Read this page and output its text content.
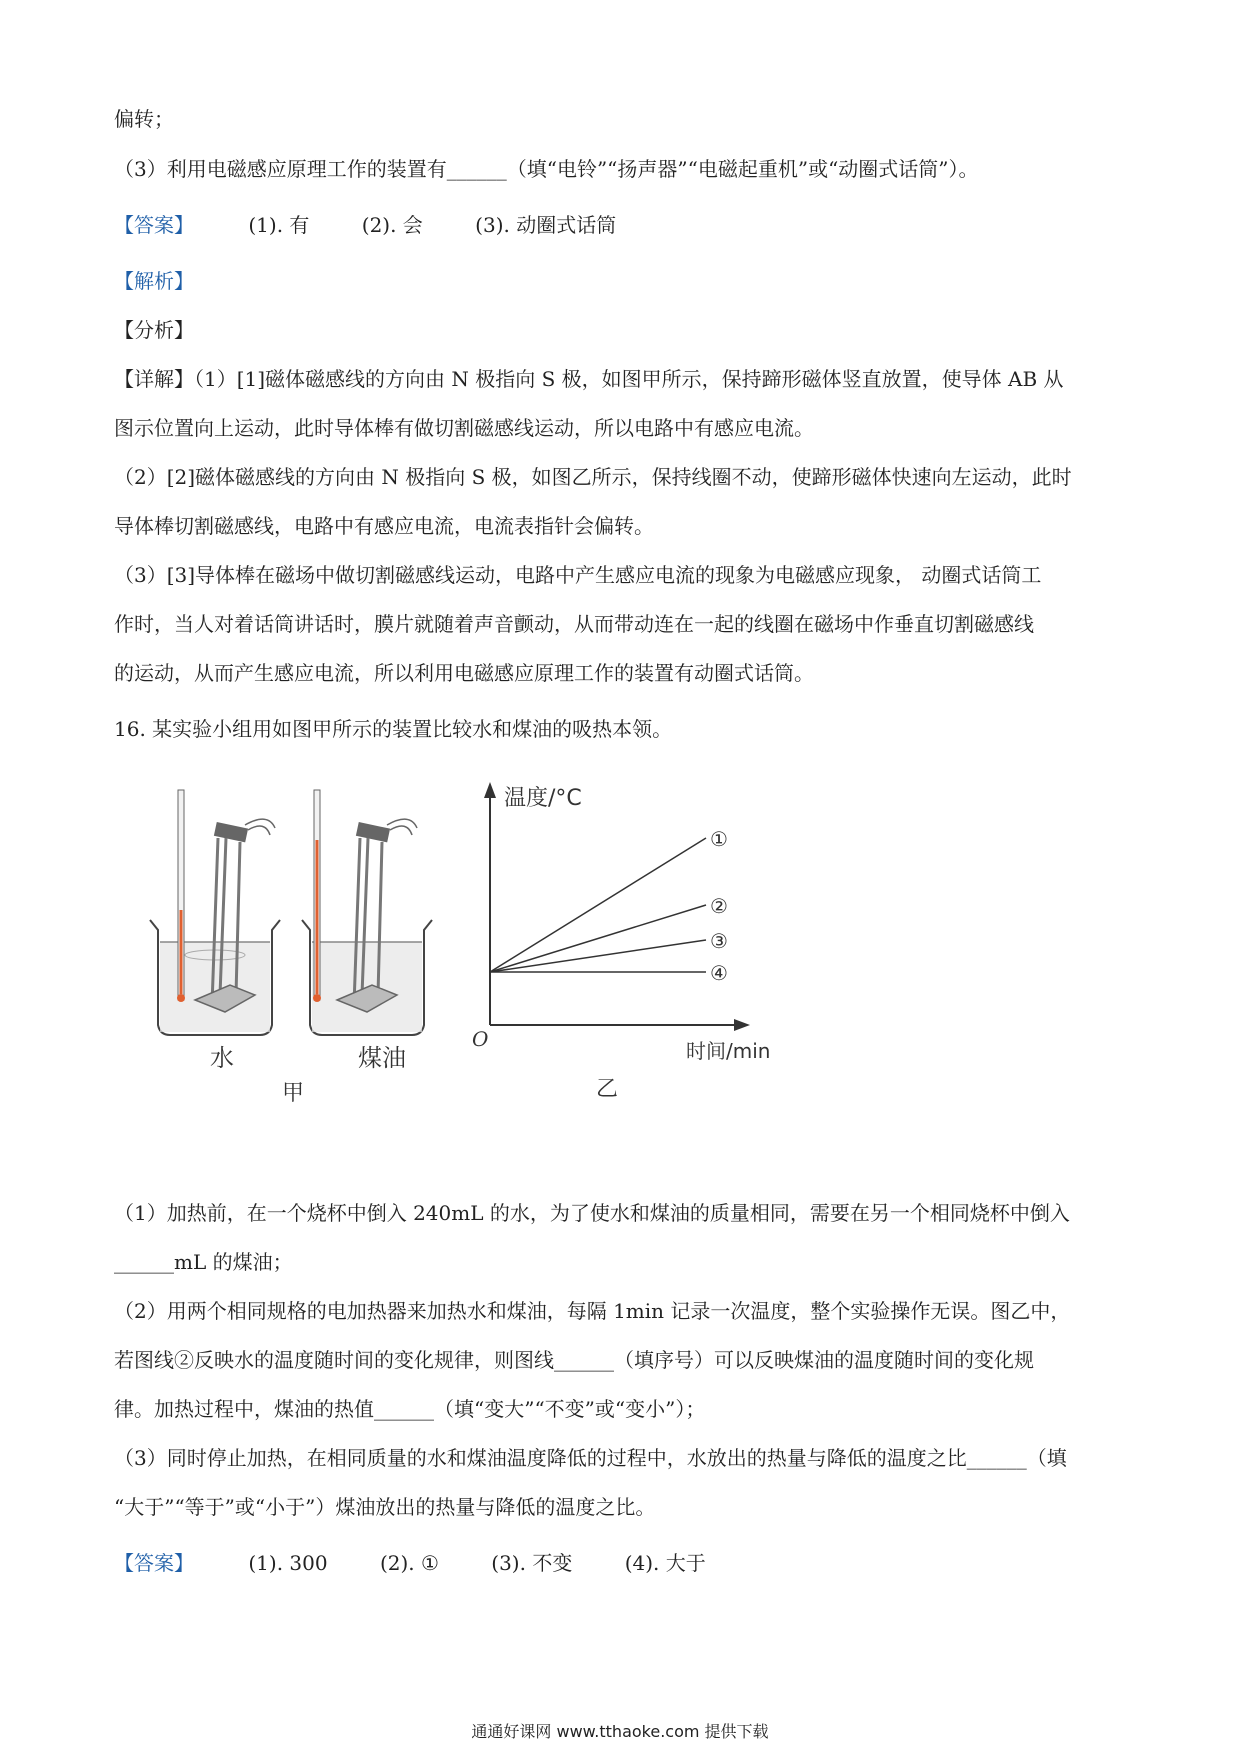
偏转；
（3）利用电磁感应原理工作的装置有______（填“电铃”“扬声器”“电磁起重机”或“动圈式话筒”）。
【答案】	(1). 有	(2). 会	(3). 动圈式话筒
【解析】
【分析】
【详解】（1）[1]磁体磁感线的方向由 N 极指向 S 极，如图甲所示，保持蹄形磁体竖直放置，使导体 AB 从
图示位置向上运动，此时导体棒有做切割磁感线运动，所以电路中有感应电流。
（2）[2]磁体磁感线的方向由 N 极指向 S 极，如图乙所示，保持线圈不动，使蹄形磁体快速向左运动，此时
导体棒切割磁感线，电路中有感应电流，电流表指针会偏转。
（3）[3]导体棒在磁场中做切割磁感线运动，电路中产生感应电流的现象为电磁感应现象， 动圈式话筒工
作时，当人对着话筒讲话时，膜片就随着声音颤动，从而带动连在一起的线圈在磁场中作垂直切割磁感线
的运动，从而产生感应电流，所以利用电磁感应原理工作的装置有动圈式话筒。
16. 某实验小组用如图甲所示的装置比较水和煤油的吸热本领。
水	煤油
甲
温度/°C
时间/min
O
①
②
③
④
乙
（1）加热前，在一个烧杯中倒入 240mL 的水，为了使水和煤油的质量相同，需要在另一个相同烧杯中倒入
______mL 的煤油；
（2）用两个相同规格的电加热器来加热水和煤油，每隔 1min 记录一次温度，整个实验操作无误。图乙中，
若图线②反映水的温度随时间的变化规律，则图线______（填序号）可以反映煤油的温度随时间的变化规
律。加热过程中，煤油的热值______（填“变大”“不变”或“变小”）；
（3）同时停止加热，在相同质量的水和煤油温度降低的过程中，水放出的热量与降低的温度之比______（填
“大于”“等于”或“小于”）煤油放出的热量与降低的温度之比。
【答案】	(1). 300	(2). ①	(3). 不变	(4). 大于
通通好课网 www.tthaoke.com 提供下载
